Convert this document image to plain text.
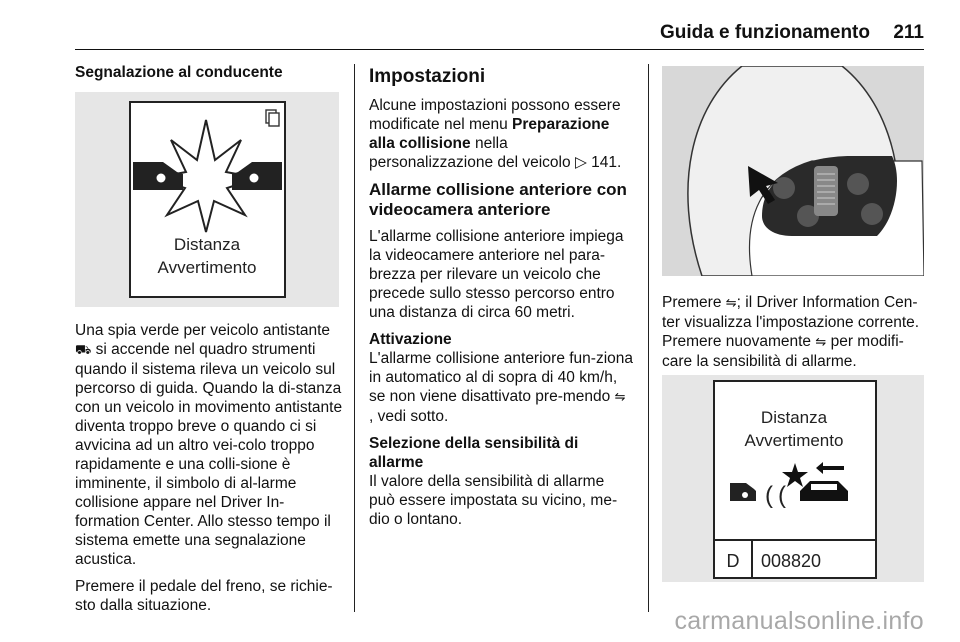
Guida e funzionamento 211
Segnalazione al conducente
Distanza
Avvertimento

Una spia verde per veicolo antistante ⛟ si accende nel quadro strumenti quando il sistema rileva un veicolo sul percorso di guida. Quando la di-stanza con un veicolo in movimento antistante diventa troppo breve o quando ci si avvicina ad un altro vei-colo troppo rapidamente e una colli-sione è imminente, il simbolo di al-larme collisione appare nel Driver In-formation Center. Allo stesso tempo il sistema emette una segnalazione acustica.

Premere il pedale del freno, se richie-sto dalla situazione.

Impostazioni

Alcune impostazioni possono essere modificate nel menu Preparazione alla collisione nella personalizzazione del veicolo ▷ 141.

Allarme collisione anteriore con videocamera anteriore

L'allarme collisione anteriore impiega la videocamere anteriore nel para-brezza per rilevare un veicolo che precede sullo stesso percorso entro una distanza di circa 60 metri.

Attivazione

L'allarme collisione anteriore fun-ziona in automatico al di sopra di 40 km/h, se non viene disattivato pre-mendo ⇋ , vedi sotto.

Selezione della sensibilità di allarme

Il valore della sensibilità di allarme può essere impostata su vicino, me-dio o lontano.

Premere ⇋; il Driver Information Cen-ter visualizza l'impostazione corrente. Premere nuovamente ⇋ per modifi-care la sensibilità di allarme.

Distanza
Avvertimento
( (
D 008820
carmanualsonline.info
